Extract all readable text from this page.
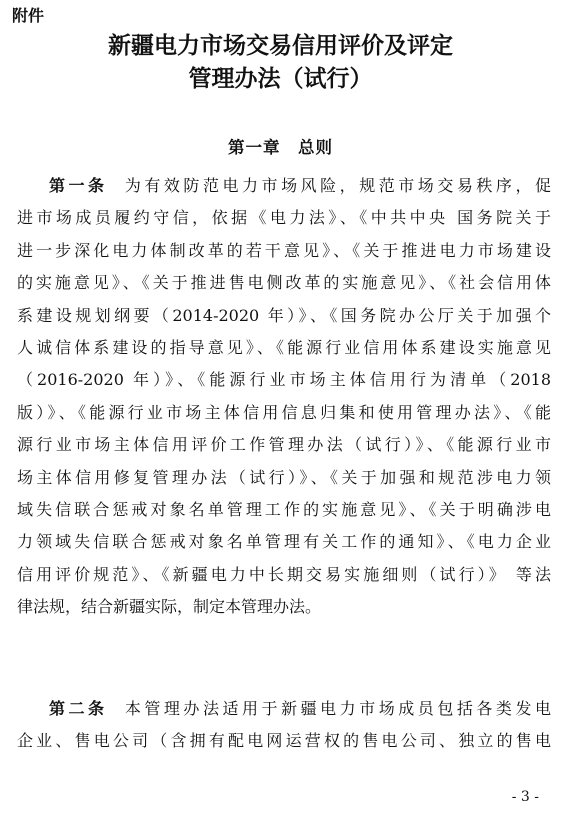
附件
新疆电力市场交易信用评价及评定
管理办法（试行）
第一章　总则
第一条 为有效防范电力市场风险，规范市场交易秩序，促
进市场成员履约守信，依据《电力法》、《中共中央 国务院关于
进一步深化电力体制改革的若干意见》、《关于推进电力市场建设
的实施意见》、《关于推进售电侧改革的实施意见》、《社会信用体
系建设规划纲要（2014-2020 年）》、《国务院办公厅关于加强个
人诚信体系建设的指导意见》、《能源行业信用体系建设实施意见
（2016-2020 年）》、《能源行业市场主体信用行为清单（2018
版）》、《能源行业市场主体信用信息归集和使用管理办法》、《能
源行业市场主体信用评价工作管理办法（试行）》、《能源行业市
场主体信用修复管理办法（试行）》、《关于加强和规范涉电力领
域失信联合惩戒对象名单管理工作的实施意见》、《关于明确涉电
力领域失信联合惩戒对象名单管理有关工作的通知》、《电力企业
信用评价规范》、《新疆电力中长期交易实施细则（试行）》 等法
律法规，结合新疆实际，制定本管理办法。
第二条 本管理办法适用于新疆电力市场成员包括各类发电
企业、售电公司（含拥有配电网运营权的售电公司、独立的售电
- 3 -
